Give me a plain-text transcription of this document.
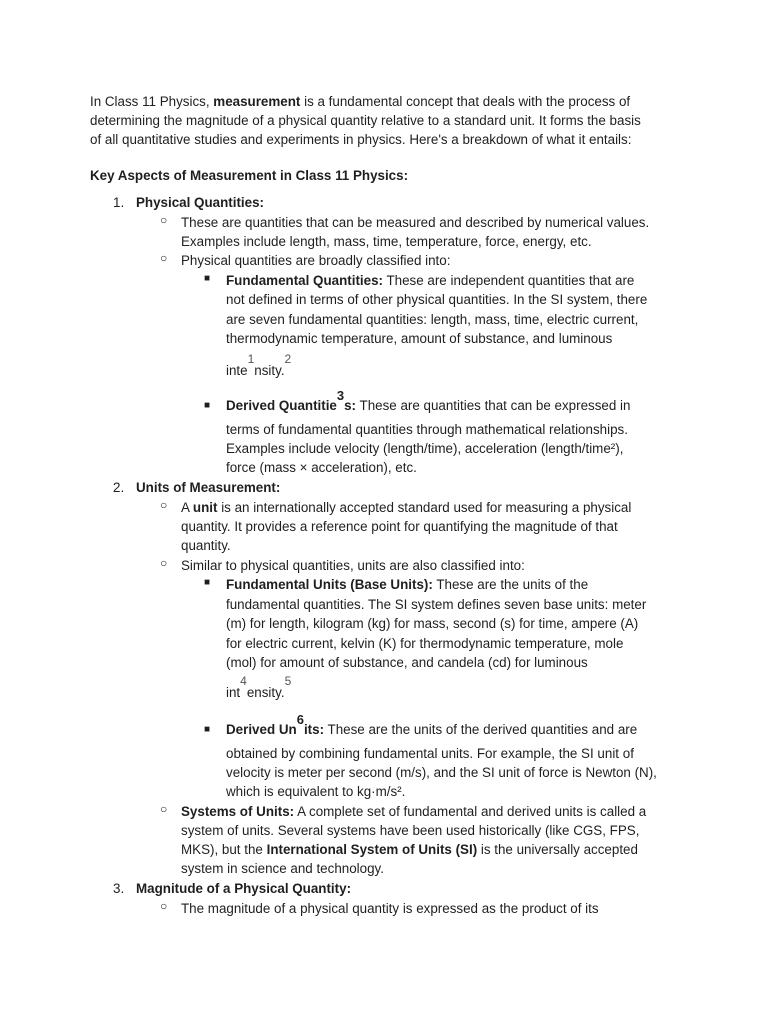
In Class 11 Physics, measurement is a fundamental concept that deals with the process of
determining the magnitude of a physical quantity relative to a standard unit. It forms the basis
of all quantitative studies and experiments in physics. Here's a breakdown of what it entails:
Key Aspects of Measurement in Class 11 Physics:
1. Physical Quantities:
○ These are quantities that can be measured and described by numerical values.
Examples include length, mass, time, temperature, force, energy, etc.
○ Physical quantities are broadly classified into:
■ Fundamental Quantities: These are independent quantities that are
not defined in terms of other physical quantities. In the SI system, there
are seven fundamental quantities: length, mass, time, electric current,
thermodynamic temperature, amount of substance, and luminous
inte1nsity.2
■ Derived Quantitie3s: These are quantities that can be expressed in
terms of fundamental quantities through mathematical relationships.
Examples include velocity (length/time), acceleration (length/time²),
force (mass × acceleration), etc.
2. Units of Measurement:
○ A unit is an internationally accepted standard used for measuring a physical
quantity. It provides a reference point for quantifying the magnitude of that
quantity.
○ Similar to physical quantities, units are also classified into:
■ Fundamental Units (Base Units): These are the units of the
fundamental quantities. The SI system defines seven base units: meter
(m) for length, kilogram (kg) for mass, second (s) for time, ampere (A)
for electric current, kelvin (K) for thermodynamic temperature, mole
(mol) for amount of substance, and candela (cd) for luminous
int4ensity.5
■ Derived Un6its: These are the units of the derived quantities and are
obtained by combining fundamental units. For example, the SI unit of
velocity is meter per second (m/s), and the SI unit of force is Newton (N),
which is equivalent to kg·m/s².
○ Systems of Units: A complete set of fundamental and derived units is called a
system of units. Several systems have been used historically (like CGS, FPS,
MKS), but the International System of Units (SI) is the universally accepted
system in science and technology.
3. Magnitude of a Physical Quantity:
○ The magnitude of a physical quantity is expressed as the product of its
